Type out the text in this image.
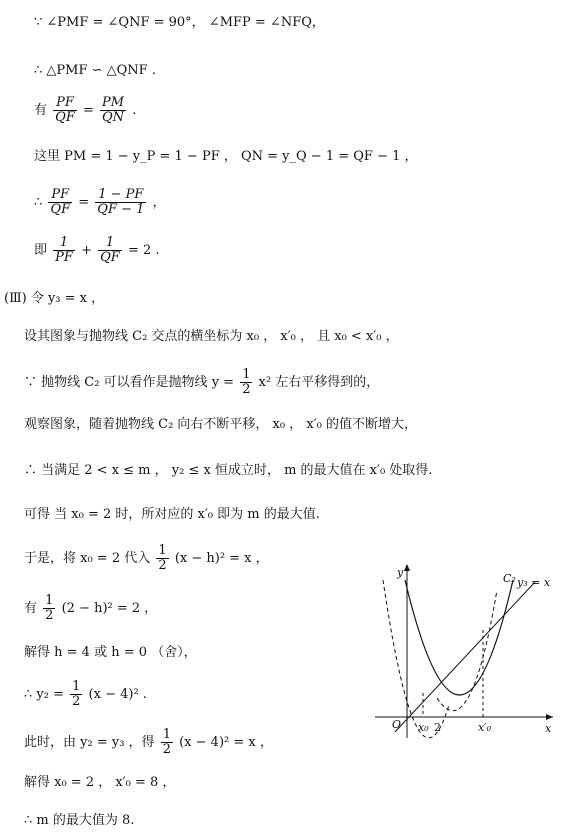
∵ ∠PMF = ∠QNF = 90°， ∠MFP = ∠NFQ，
∴ △PMF ∽ △QNF .
有 $\frac{PF}{QF} = \frac{PM}{QN}$ .
这里 PM = 1 − y_P = 1 − PF ， QN = y_Q − 1 = QF − 1 ，
∴ $\frac{PF}{QF} = \frac{1 - PF}{QF - 1}$ ，
即 $\frac{1}{PF} + \frac{1}{QF} = 2$ .
(Ⅲ) 令 y₃ = x ，
设其图象与抛物线 C₂ 交点的横坐标为 x₀ ， x′₀ ， 且 x₀ < x′₀ ，
∵ 抛物线 C₂ 可以看作是抛物线 $y = \frac{1}{2} x^2$ 左右平移得到的，
观察图象，随着抛物线 C₂ 向右不断平移， x₀ ， x′₀ 的值不断增大，
∴ 当满足 2 < x ≤ m ， y₂ ≤ x 恒成立时， m 的最大值在 x′₀ 处取得.
可得 当 x₀ = 2 时，所对应的 x′₀ 即为 m 的最大值.
于是，将 x₀ = 2 代入 $\frac{1}{2} (x - h)^2 = x$ ，
有 $\frac{1}{2} (2 - h)^2 = 2$ ，
解得 h = 4 或 h = 0 （舍），
∴ $y_2 = \frac{1}{2} (x - 4)^2$ .
此时，由 y₂ = y₃ ，得 $\frac{1}{2} (x - 4)^2 = x$ ，
解得 x₀ = 2 ， x′₀ = 8 ，
∴ m 的最大值为 8.
y
x
O
C₂ y₃ = x
x₀ 2	x′₀
